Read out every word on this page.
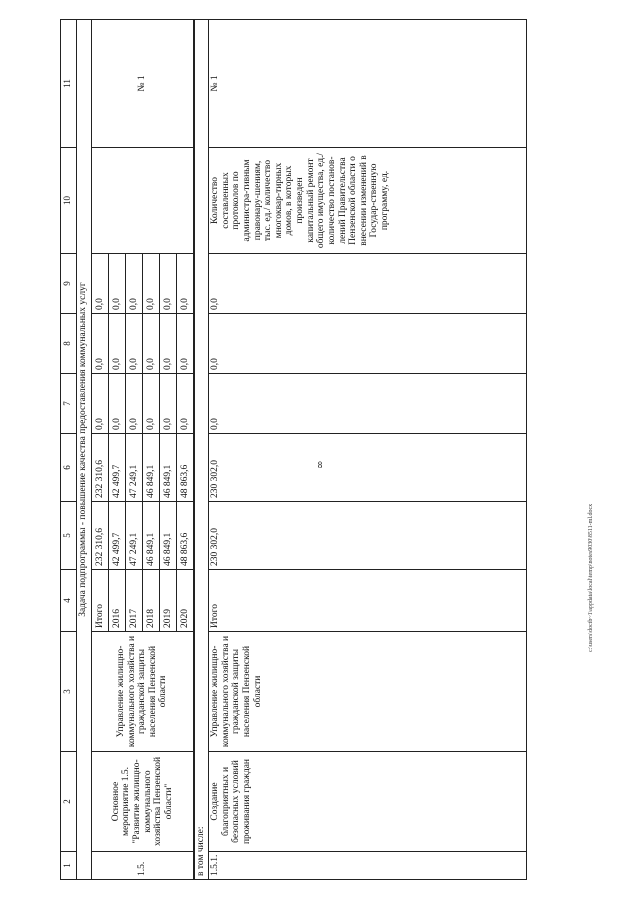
8
c:\users\doctb~1\appdata\local\temp\notes9030\8511-ml.docx
1	2	3	4	5	6	7	8	9	10	11
Задача подпрограммы - повышение качества предоставления коммунальных услуг										
1.5.	Основное мероприятие 1.5. "Развитие жилищно-коммунального хозяйства Пензенской области"	Управление жилищно-коммунального хозяйства и гражданской защиты населения Пензенской области	Итого	232 310,6	232 310,6	0,0	0,0	0,0		№ 1
			2016	42 499,7	42 499,7	0,0	0,0	0,0		
			2017	47 249,1	47 249,1	0,0	0,0	0,0		
			2018	46 849,1	46 849,1	0,0	0,0	0,0		
			2019	46 849,1	46 849,1	0,0	0,0	0,0		
			2020	48 863,6	48 863,6	0,0	0,0	0,0		
в том числе:										
1.5.1.	Создание благоприятных и безопасных условий проживания граждан	Управление жилищно-коммунального хозяйства и гражданской защиты населения Пензенской области	Итого	230 302,0	230 302,0	0,0	0,0	0,0	Количество составленных протоколов по администра-тивным правонару-шениям, тыс. ед./ количество многоквар-тирных домов, в которых произведен капитальный ремонт общего имущества, ед./ количество постанов-лений Правительства Пензенской области о внесении изменений в Государ-ственную программу, ед.	№ 1
